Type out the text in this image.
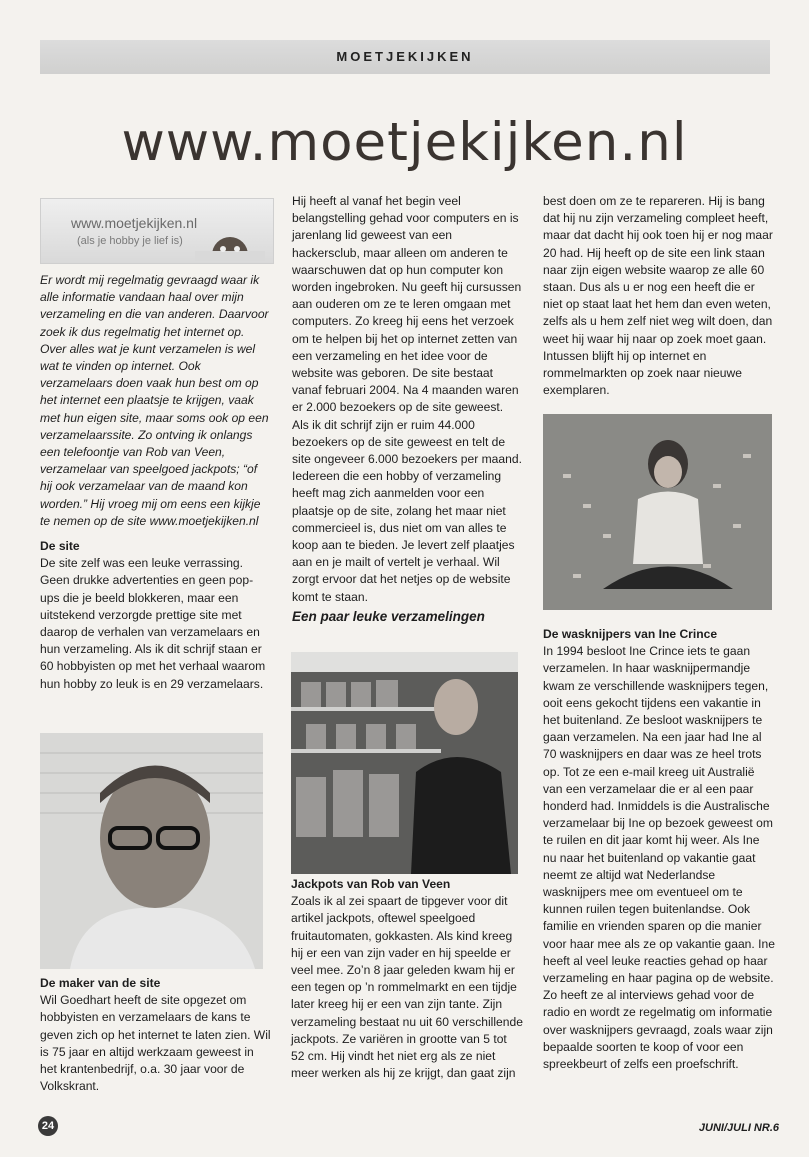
MOETJEKIJKEN
www.moetjekijken.nl
www.moetjekijken.nl
(als je hobby je lief is)

Er wordt mij regelmatig gevraagd waar ik alle informatie vandaan haal over mijn verzameling en die van anderen. Daarvoor zoek ik dus regelmatig het internet op. Over alles wat je kunt verzamelen is wel wat te vinden op internet. Ook verzamelaars doen vaak hun best om op het internet een plaatsje te krijgen, vaak met hun eigen site, maar soms ook op een verzamelaarssite. Zo ontving ik onlangs een telefoontje van Rob van Veen, verzamelaar van speelgoed jackpots; “of hij ook verzamelaar van de maand kon worden.” Hij vroeg mij om eens een kijkje te nemen op de site www.moetjekijken.nl

De site

De site zelf was een leuke verrassing. Geen drukke advertenties en geen pop-ups die je beeld blokkeren, maar een uitstekend verzorgde prettige site met daarop de verhalen van verzamelaars en hun verzameling. Als ik dit schrijf staan er 60 hobbyisten op met het verhaal waarom hun hobby zo leuk is en 29 verzamelaars.

De maker van de site

Wil Goedhart heeft de site opgezet om hobbyisten en verzamelaars de kans te geven zich op het internet te laten zien. Wil is 75 jaar en altijd werkzaam geweest in het krantenbedrijf, o.a. 30 jaar voor de Volkskrant.

Hij heeft al vanaf het begin veel belangstelling gehad voor computers en is jarenlang lid geweest van een hackersclub, maar alleen om anderen te waarschuwen dat op hun computer kon worden ingebroken. Nu geeft hij cursussen aan ouderen om ze te leren omgaan met computers. Zo kreeg hij eens het verzoek om te helpen bij het op internet zetten van een verzameling en het idee voor de website was geboren. De site bestaat vanaf februari 2004. Na 4 maanden waren er 2.000 bezoekers op de site geweest. Als ik dit schrijf zijn er ruim 44.000 bezoekers op de site geweest en telt de site ongeveer 6.000 bezoekers per maand. Iedereen die een hobby of verzameling heeft mag zich aanmelden voor een plaatsje op de site, zolang het maar niet commercieel is, dus niet om van alles te koop aan te bieden. Je levert zelf plaatjes aan en je mailt of vertelt je verhaal. Wil zorgt ervoor dat het netjes op de website komt te staan.

Een paar leuke verzamelingen

Jackpots van Rob van Veen

Zoals ik al zei spaart de tipgever voor dit artikel jackpots, oftewel speelgoed fruitautomaten, gokkasten. Als kind kreeg hij er een van zijn vader en hij speelde er veel mee. Zo’n 8 jaar geleden kwam hij er een tegen op ’n rommelmarkt en een tijdje later kreeg hij er een van zijn tante. Zijn verzameling bestaat nu uit 60 verschillende jackpots. Ze variëren in grootte van 5 tot 52 cm. Hij vindt het niet erg als ze niet meer werken als hij ze krijgt, dan gaat zijn

best doen om ze te repareren. Hij is bang dat hij nu zijn verzameling compleet heeft, maar dat dacht hij ook toen hij er nog maar 20 had. Hij heeft op de site een link staan naar zijn eigen website waarop ze alle 60 staan. Dus als u er nog een heeft die er niet op staat laat het hem dan even weten, zelfs als u hem zelf niet weg wilt doen, dan weet hij waar hij naar op zoek moet gaan. Intussen blijft hij op internet en rommelmarkten op zoek naar nieuwe exemplaren.

De wasknijpers van Ine Crince

In 1994 besloot Ine Crince iets te gaan verzamelen. In haar wasknijpermandje kwam ze verschillende wasknijpers tegen, ooit eens gekocht tijdens een vakantie in het buitenland. Ze besloot wasknijpers te gaan verzamelen. Na een jaar had Ine al 70 wasknijpers en daar was ze heel trots op. Tot ze een e-mail kreeg uit Australië van een verzamelaar die er al een paar honderd had. Inmiddels is die Australische verzamelaar bij Ine op bezoek geweest om te ruilen en dit jaar komt hij weer. Als Ine nu naar het buitenland op vakantie gaat neemt ze altijd wat Nederlandse wasknijpers mee om eventueel om te kunnen ruilen tegen buitenlandse. Ook familie en vrienden sparen op die manier voor haar mee als ze op vakantie gaan. Ine heeft al veel leuke reacties gehad op haar verzameling en haar pagina op de website. Zo heeft ze al interviews gehad voor de radio en wordt ze regelmatig om informatie over wasknijpers gevraagd, zoals waar zijn bepaalde soorten te koop of voor een spreekbeurt of zelfs een proefschrift.

24	JUNI/JULI NR.6
